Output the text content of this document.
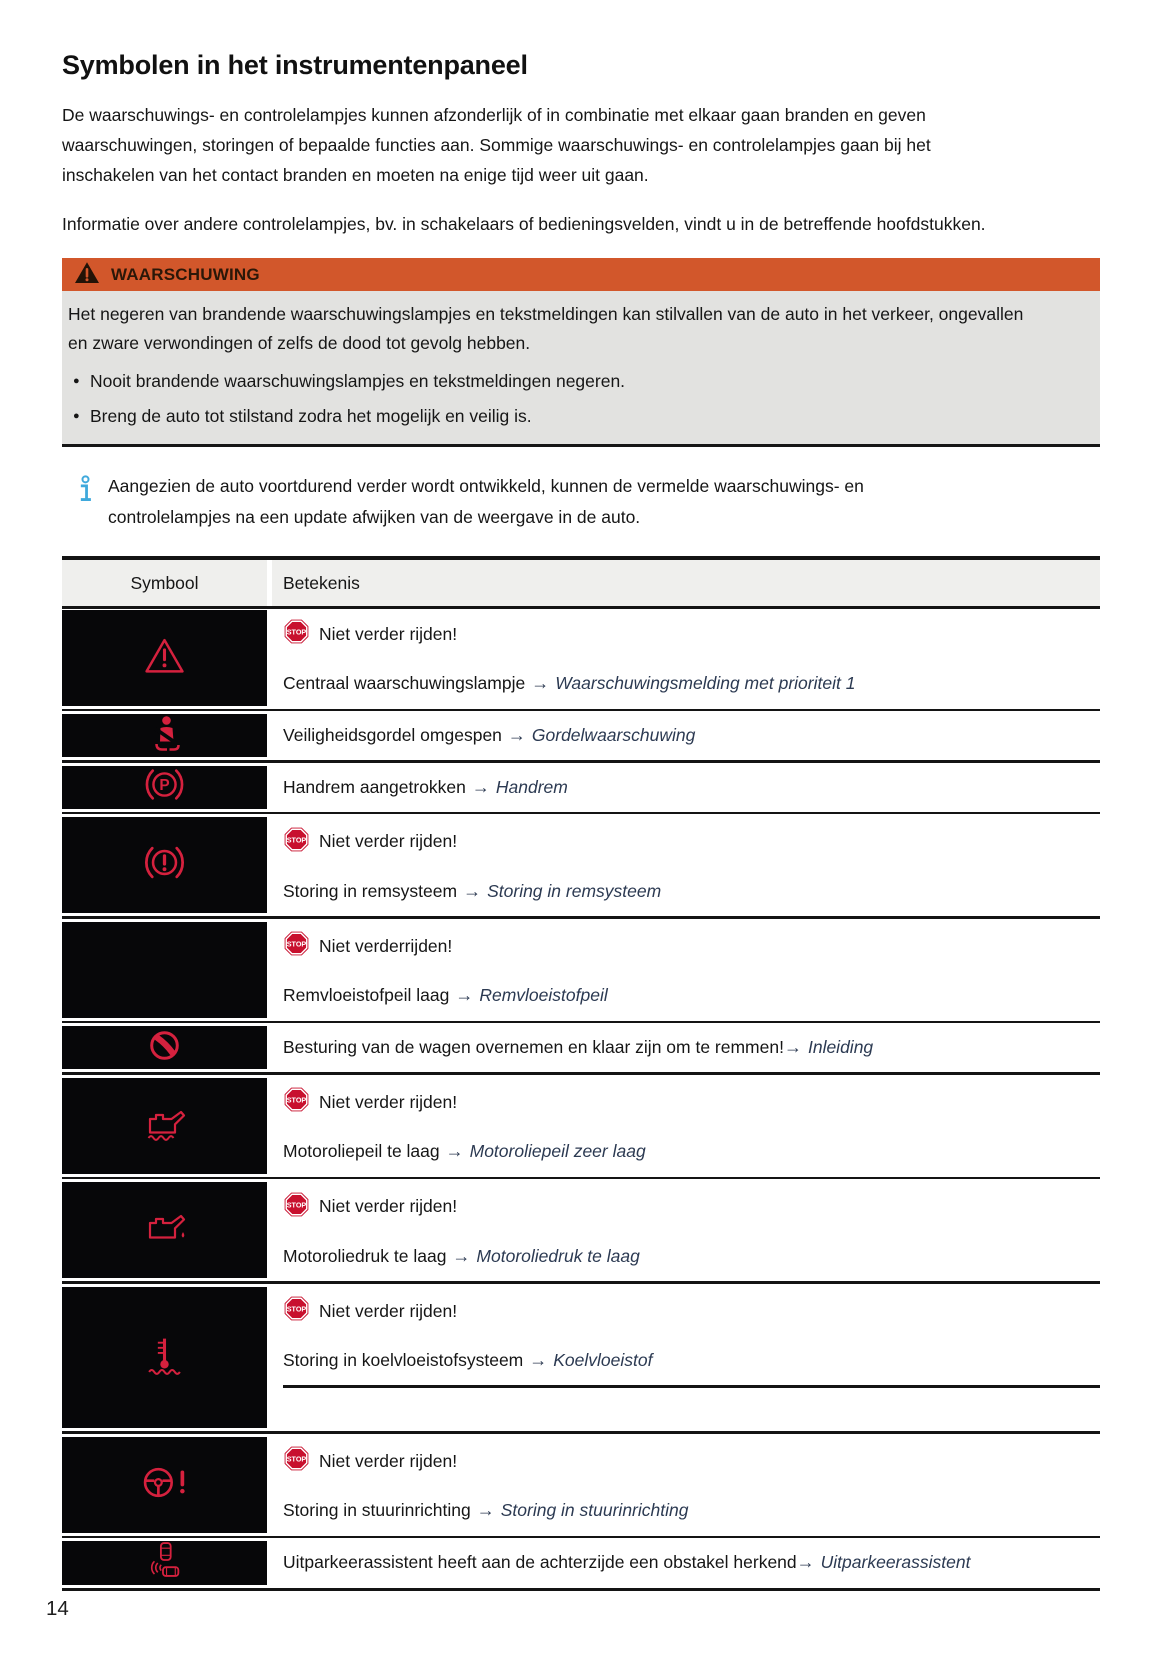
Symbolen in het instrumentenpaneel

De waarschuwings- en controlelampjes kunnen afzonderlijk of in combinatie met elkaar gaan branden en geven waarschuwingen, storingen of bepaalde functies aan. Sommige waarschuwings- en controlelampjes gaan bij het inschakelen van het contact branden en moeten na enige tijd weer uit gaan.

Informatie over andere controlelampjes, bv. in schakelaars of bedieningsvelden, vindt u in de betreffende hoofdstukken.

WAARSCHUWING
Het negeren van brandende waarschuwingslampjes en tekstmeldingen kan stilvallen van de auto in het verkeer, ongevallen en zware verwondingen of zelfs de dood tot gevolg hebben.
● Nooit brandende waarschuwingslampjes en tekstmeldingen negeren.
● Breng de auto tot stilstand zodra het mogelijk en veilig is.
Aangezien de auto voortdurend verder wordt ontwikkeld, kunnen de vermelde waarschuwings- en controlelampjes na een update afwijken van de weergave in de auto.
Symbool	Betekenis
STOP Niet verder rijden!
Centraal waarschuwingslampje → Waarschuwingsmelding met prioriteit 1
Veiligheidsgordel omgespen → Gordelwaarschuwing
P	Handrem aangetrokken → Handrem
STOP Niet verder rijden!
Storing in remsysteem → Storing in remsysteem
STOP Niet verderrijden!
Remvloeistofpeil laag → Remvloeistofpeil
Besturing van de wagen overnemen en klaar zijn om te remmen!→ Inleiding
STOP Niet verder rijden!
Motoroliepeil te laag → Motoroliepeil zeer laag
STOP Niet verder rijden!
Motoroliedruk te laag → Motoroliedruk te laag
STOP Niet verder rijden!
Storing in koelvloeistofsysteem → Koelvloeistof
STOP Niet verder rijden!
Storing in stuurinrichting → Storing in stuurinrichting
Uitparkeerassistent heeft aan de achterzijde een obstakel herkend→ Uitparkeerassistent
14
